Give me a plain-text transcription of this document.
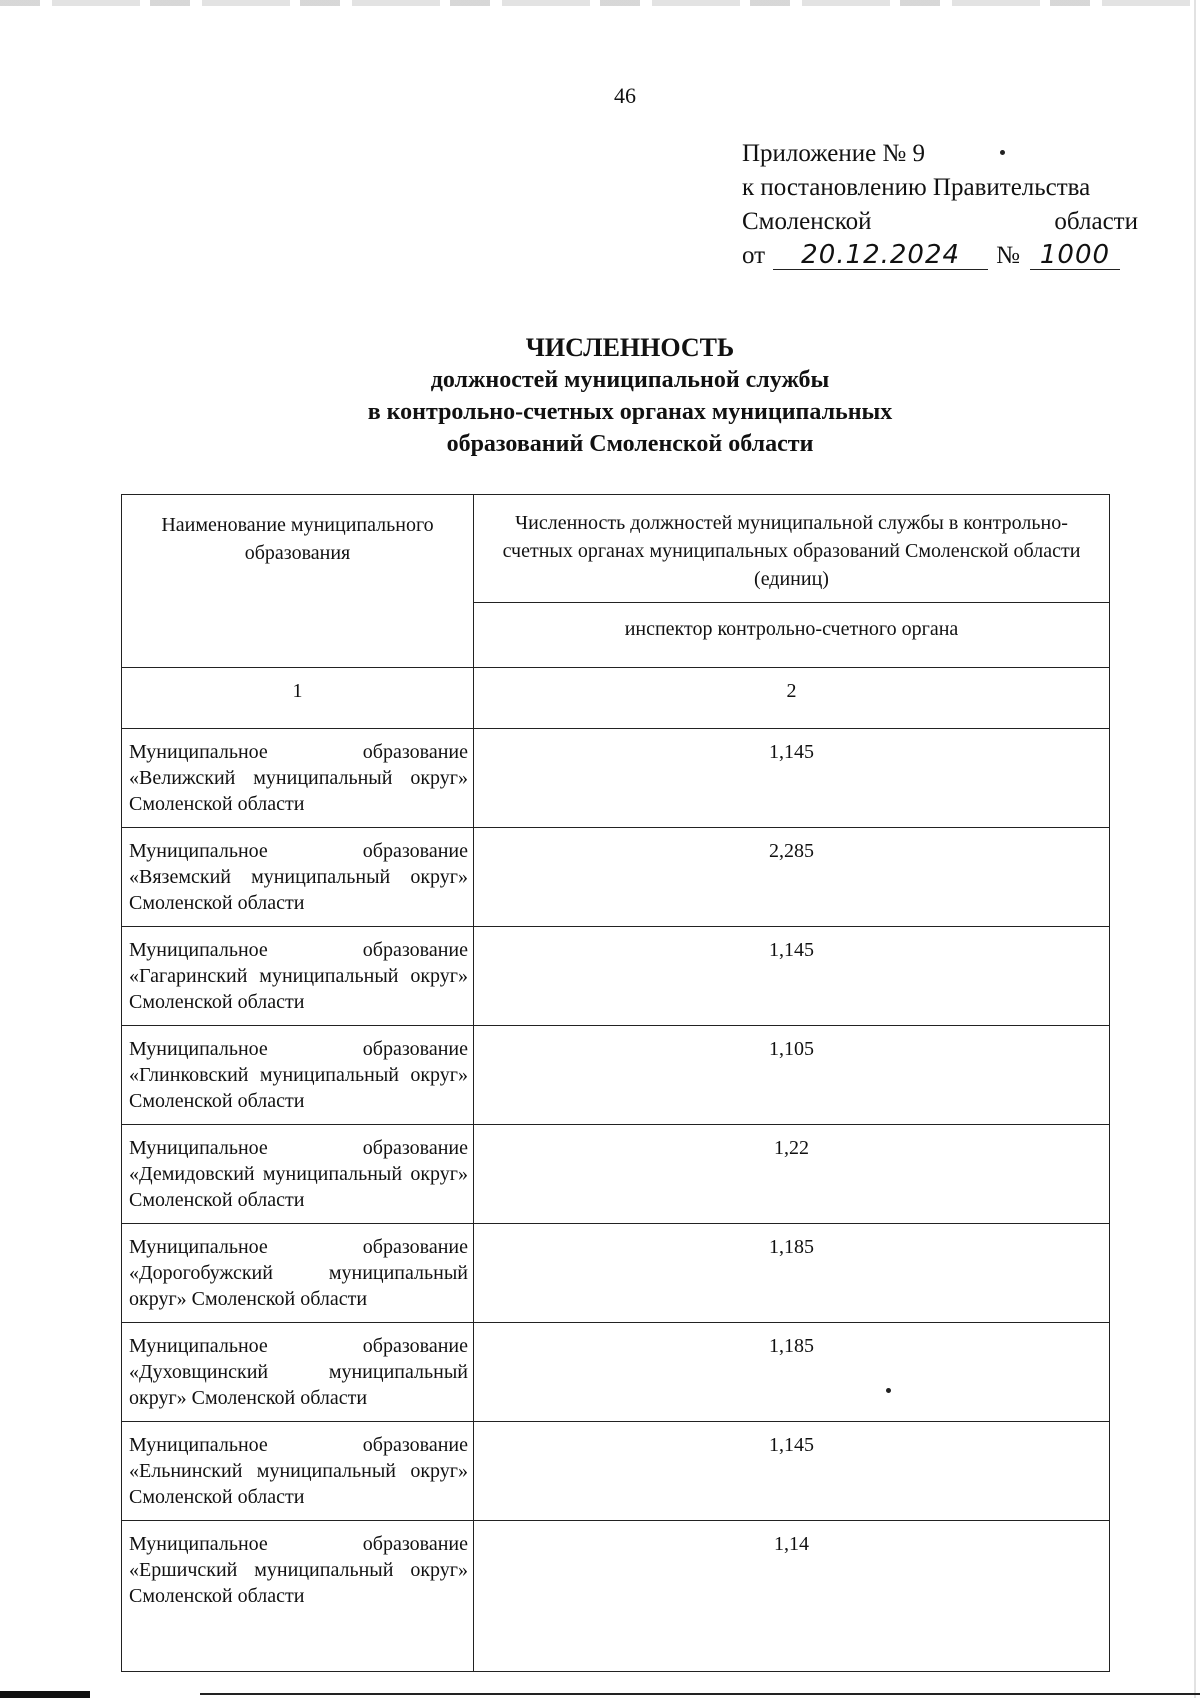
46
Приложение № 9
к постановлению Правительства
Смоленской	области
от	20.12.2024	№ 1000
ЧИСЛЕННОСТЬ
должностей муниципальной службы
в контрольно-счетных органах муниципальных
образований Смоленской области
Наименование муниципального образования	Численность должностей муниципальной службы в контрольно-счетных органах муниципальных образований Смоленской области (единиц)
	инспектор контрольно-счетного органа
1	2
Муниципальное образование «Велижский муниципальный округ» Смоленской области	1,145
Муниципальное образование «Вяземский муниципальный округ» Смоленской области	2,285
Муниципальное образование «Гагаринский муниципальный округ» Смоленской области	1,145
Муниципальное образование «Глинковский муниципальный округ» Смоленской области	1,105
Муниципальное образование «Демидовский муниципальный округ» Смоленской области	1,22
Муниципальное образование «Дорогобужский муниципальный округ» Смоленской области	1,185
Муниципальное образование «Духовщинский муниципальный округ» Смоленской области	1,185
Муниципальное образование «Ельнинский муниципальный округ» Смоленской области	1,145
Муниципальное образование «Ершичский муниципальный округ» Смоленской области	1,14
